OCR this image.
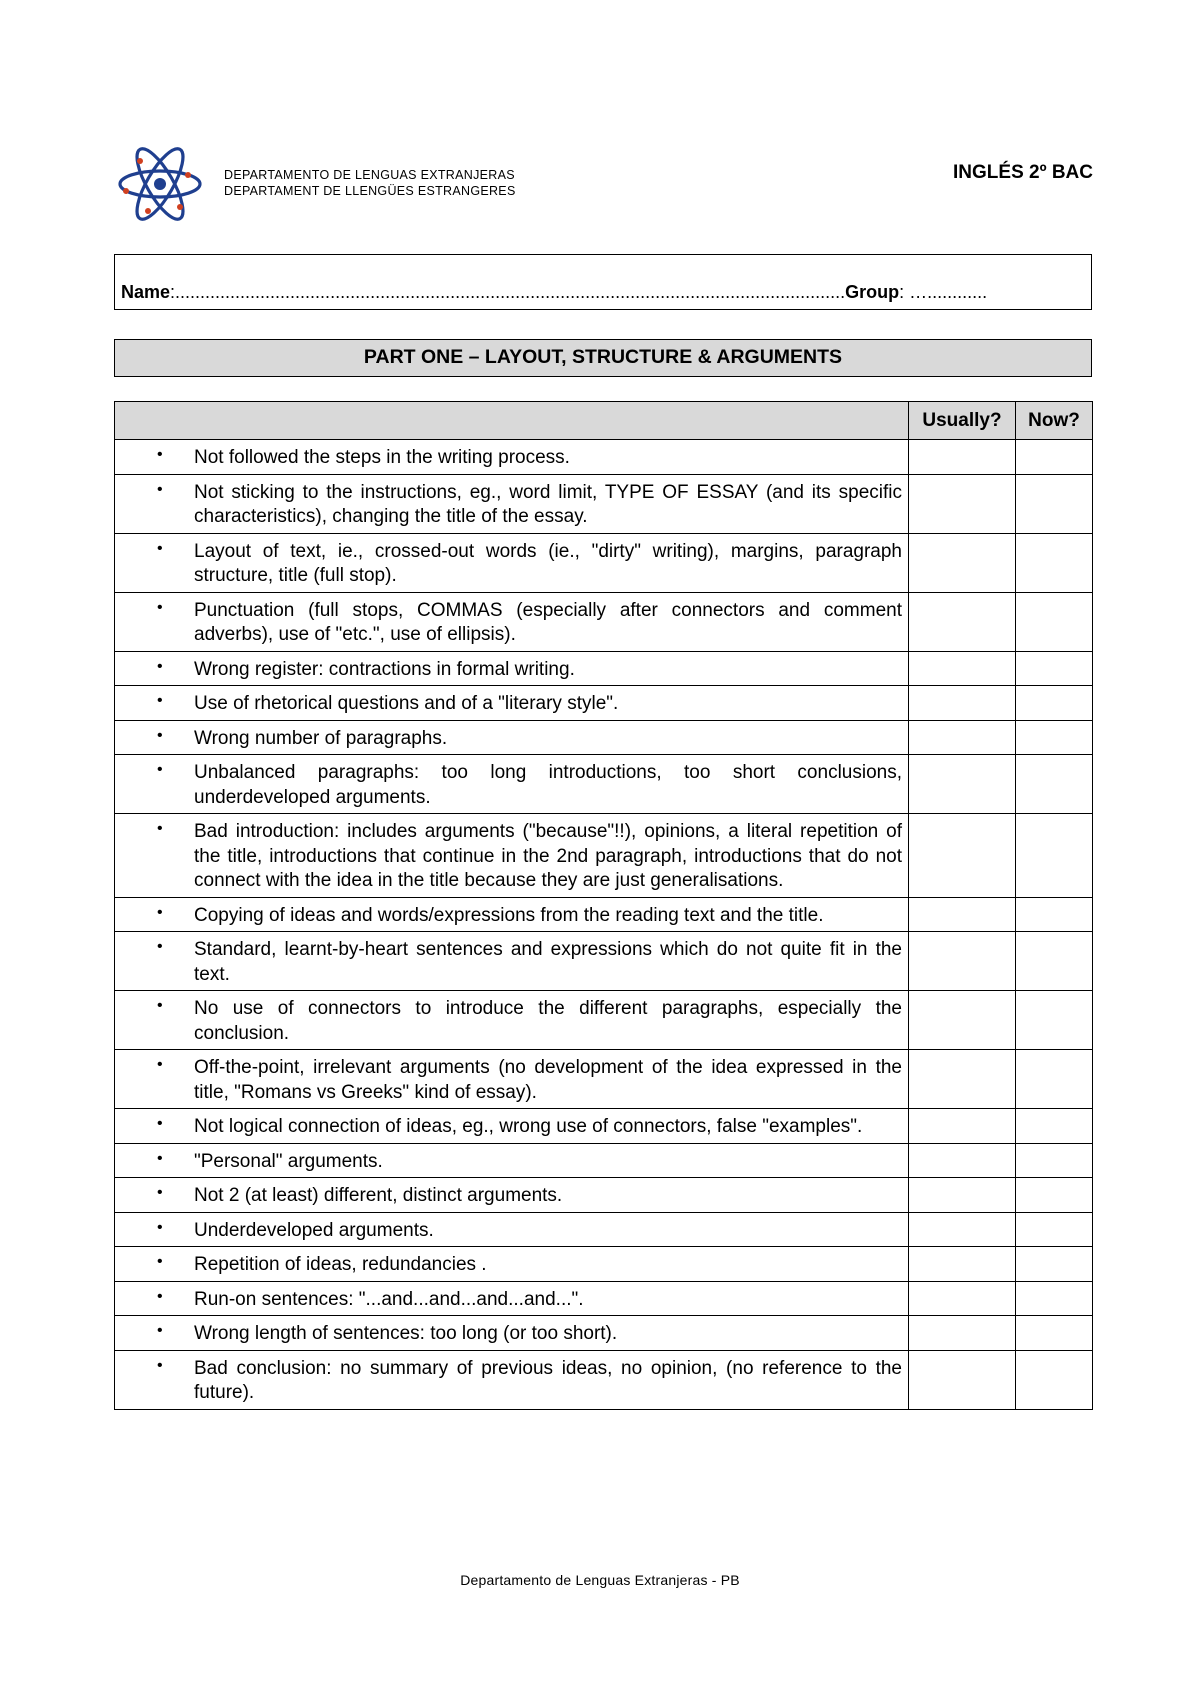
DEPARTAMENTO DE LENGUAS EXTRANJERAS
DEPARTAMENT DE LLENGÜES ESTRANGERES
INGLÉS 2º BAC
Name:......................................................................................................................................Group: …............
PART ONE – LAYOUT, STRUCTURE & ARGUMENTS
	Usually?	Now?

• Not followed the steps in the writing process.		

• Not sticking to the instructions, eg., word limit, TYPE OF ESSAY (and its specific characteristics), changing the title of the essay.		

• Layout of text, ie., crossed-out words (ie., "dirty" writing), margins, paragraph structure, title (full stop).		

• Punctuation (full stops, COMMAS (especially after connectors and comment adverbs), use of "etc.", use of ellipsis).		

• Wrong register: contractions in formal writing.		

• Use of rhetorical questions and of a "literary style".		

• Wrong number of paragraphs.		

• Unbalanced paragraphs: too long introductions, too short conclusions, underdeveloped arguments.		

• Bad introduction: includes arguments ("because"!!), opinions, a literal repetition of the title, introductions that continue in the 2nd paragraph, introductions that do not connect with the idea in the title because they are just generalisations.		

• Copying of ideas and words/expressions from the reading text and the title.		

• Standard, learnt-by-heart sentences and expressions which do not quite fit in the text.		

• No use of connectors to introduce the different paragraphs, especially the conclusion.		

• Off-the-point, irrelevant arguments (no development of the idea expressed in the title, "Romans vs Greeks" kind of essay).		

• Not logical connection of ideas, eg., wrong use of connectors, false "examples".		

• "Personal" arguments.		

• Not 2 (at least) different, distinct arguments.		

• Underdeveloped arguments.		

• Repetition of ideas, redundancies .		

• Run-on sentences: "...and...and...and...and...".		

• Wrong length of sentences: too long (or too short).		

• Bad conclusion: no summary of previous ideas, no opinion, (no reference to the future).		

Departamento de Lenguas Extranjeras - PB
